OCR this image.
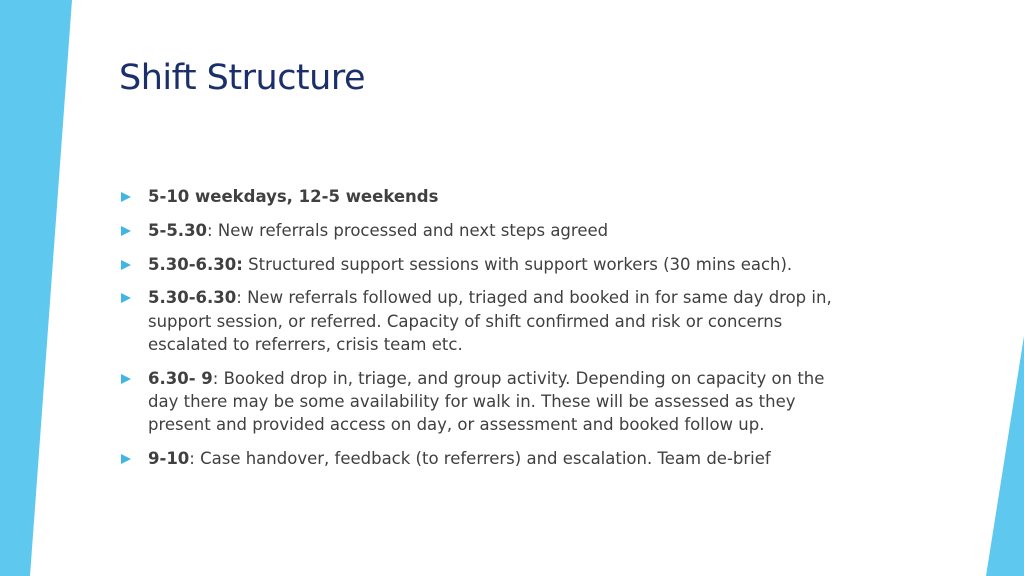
Shift Structure
5-10 weekdays, 12-5 weekends
5-5.30: New referrals processed and next steps agreed
5.30-6.30: Structured support sessions with support workers (30 mins each).
5.30-6.30: New referrals followed up, triaged and booked in for same day drop in, support session, or referred. Capacity of shift confirmed and risk or concerns escalated to referrers, crisis team etc.
6.30- 9: Booked drop in, triage, and group activity. Depending on capacity on the day there may be some availability for walk in. These will be assessed as they present and provided access on day, or assessment and booked follow up.
9-10: Case handover, feedback (to referrers) and escalation. Team de-brief
